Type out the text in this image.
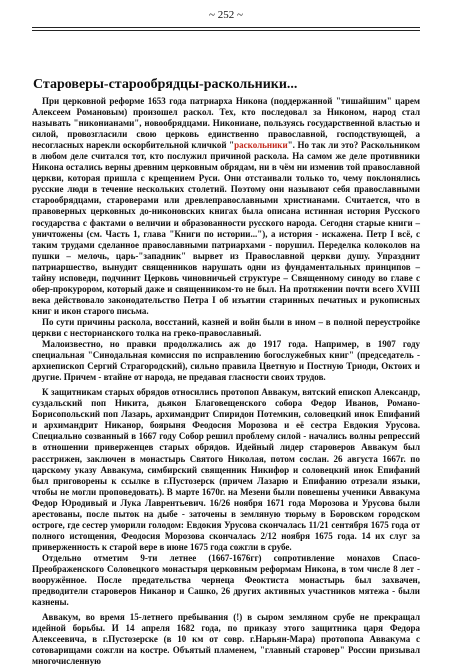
~ 252 ~
Староверы-старообрядцы-раскольники...

При церковной реформе 1653 года патриарха Никона (поддержанной "тишайшим" царем Алексеем Романовым) произошел раскол. Тех, кто последовал за Никоном, народ стал называть "никонианами", новообрядцами. Никониане, пользуясь государственной властью и силой, провозгласили свою церковь единственно православной, господствующей, а несогласных нарекли оскорбительной кличкой "раскольники". Но так ли это? Раскольником в любом деле считался тот, кто послужил причиной раскола. На самом же деле противники Никона остались верны древним церковным обрядам, ни в чём ни изменив той православной церкви, которая пришла с крещением Руси. Они отстаивали только то, чему поклонялись русские люди в течение нескольких столетий. Поэтому они называют себя православными старообрядцами, староверами или древлеправославными христианами. Считается, что в правоверных церковных до-никоновских книгах была описана истинная история Русского государства с фактами о величии и образованности русского народа. Сегодня старые книги – уничтожены (см. Часть 1, глава "Книги по истории..."), а история - искажена. Петр I всё, с таким трудами сделанное православными патриархами - порушил. Переделка колоколов на пушки – мелочь, царь-"западник" вырвет из Православной церкви душу. Упразднит патриаршество, вынудит священников нарушать одни из фундаментальных принципов – тайну исповеди, подчинит Церковь чиновничьей структуре – Священному синоду во главе с обер-прокурором, который даже и священником-то не был. На протяжении почти всего XVIII века действовало законодательство Петра I об изъятии старинных печатных и рукописных книг и икон старого письма.

По сути причины раскола, восстаний, казней и войн были в ином – в полной переустройке церкви с несторианского толка на греко-православный.

Малоизвестно, но правки продолжались аж до 1917 года. Например, в 1907 году специальная "Синодальная комиссия по исправлению богослужебных книг" (председатель - архиепископ Сергий Страгородский), сильно правила Цветную и Постную Триоди, Октоих и другие. Причем - втайне от народа, не предавая гласности своих трудов.

К защитникам старых обрядов относились протопоп Аввакум, вятский епископ Александр, суздальский поп Никита, дьякон Благовещенского собора Федор Иванов, Романо-Борисопольский поп Лазарь, архимандрит Спиридон Потемкин, соловецкий инок Епифаний и архимандрит Никанор, боярыня Феодосия Морозова и её сестра Евдокия Урусова. Специально созванный в 1667 году Собор решил проблему силой - начались волны репрессий в отношении приверженцев старых обрядов. Идейный лидер староверов Аввакум был расстрижен, заключен в монастырь Святого Николая, потом сослан. 26 августа 1667г. по царскому указу Аввакума, симбирский священник Никифор и соловецкий инок Епифаний был приговорены к ссылке в г.Пустозерск (причем Лазарю и Епифанию отрезали языки, чтобы не могли проповедовать). В марте 1670г. на Мезени были повешены ученики Аввакума Федор Юродивый и Лука Лаврентьевич. 16/26 ноября 1671 года Морозова и Урусова были арестованы, после пыток на дыбе - заточены в земляную тюрьму в Боровском городском остроге, где сестер уморили голодом: Евдокия Урусова скончалась 11/21 сентября 1675 года от полного истощения, Феодосия Морозова скончалась 2/12 ноября 1675 года. 14 их слуг за приверженность к старой вере в июне 1675 года сожгли в срубе.

Отдельно отметим 9-ти летнее (1667-1676гг) сопротивление монахов Спасо-Преображенского Соловецкого монастыря церковным реформам Никона, в том числе 8 лет - вооружённое. После предательства чернеца Феоктиста монастырь был захвачен, предводители староверов Никанор и Сашко, 26 других активных участников мятежа - были казнены.

Аввакум, во время 15-летнего пребывания (!) в сыром земляном срубе не прекращал идейной борьбы. И 14 апреля 1682 года, по приказу этого защитника царя Федора Алексеевича, в г.Пустозерске (в 10 км от совр. г.Нарьян-Мара) протопопа Аввакума с сотоварищами сожгли на костре. Объятый пламенем, "главный старовер" России призывал многочисленную
